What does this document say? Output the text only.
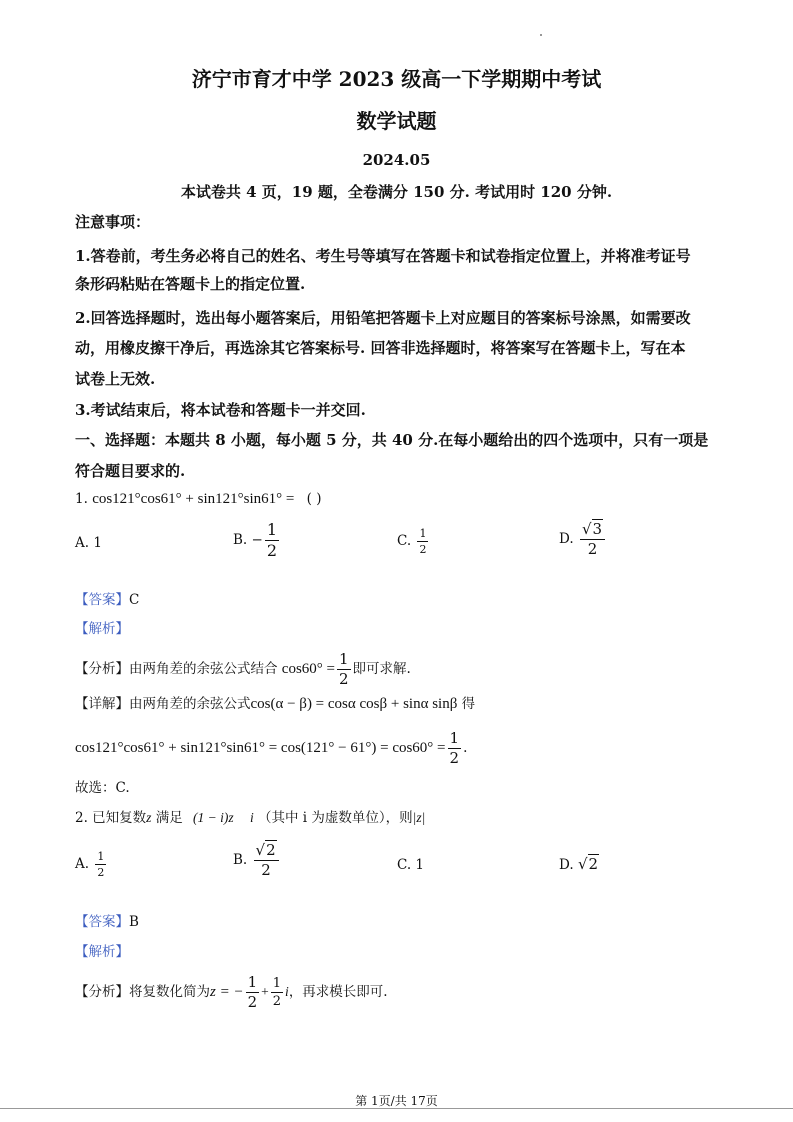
济宁市育才中学 2023 级高一下学期期中考试
数学试题
2024.05
本试卷共 4 页，19 题，全卷满分 150 分. 考试用时 120 分钟.
注意事项：
1.答卷前，考生务必将自己的姓名、考生号等填写在答题卡和试卷指定位置上，并将准考证号
条形码粘贴在答题卡上的指定位置.
2.回答选择题时，选出每小题答案后，用铅笔把答题卡上对应题目的答案标号涂黑，如需要改
动，用橡皮擦干净后，再选涂其它答案标号. 回答非选择题时，将答案写在答题卡上，写在本
试卷上无效.
3.考试结束后，将本试卷和答题卡一并交回.
一、选择题：本题共 8 小题，每小题 5 分，共 40 分.在每小题给出的四个选项中，只有一项是
符合题目要求的.
1. cos121°cos61° + sin121°sin61° = ( )
A. 1	B. − $\frac{1}{2}$	C. $\frac{1}{2}$	D. $\frac{√3}{2}$
【答案】C
【解析】
【分析】由两角差的余弦公式结合 $\cos 60^\circ = \frac{1}{2}$ 即可求解.
【详解】由两角差的余弦公式cos(α − β) = cosα cosβ + sinα sinβ 得
$\cos 121^\circ\cos 61^\circ + \sin 121^\circ\sin 61^\circ = \cos(121^\circ - 61^\circ) = \cos 60^\circ = \frac{1}{2}$ .
故选：C.
2. 已知复数z 满足 (1 − i)z i （其中 i 为虚数单位），则|z|
A. $\frac{1}{2}$	B. $\frac{√2}{2}$	C. 1	D. √2
【答案】B
【解析】
【分析】将复数化简为z = − $\frac{1}{2} + \frac{1}{2}$ i，再求模长即可.
第 1页/共 17页
